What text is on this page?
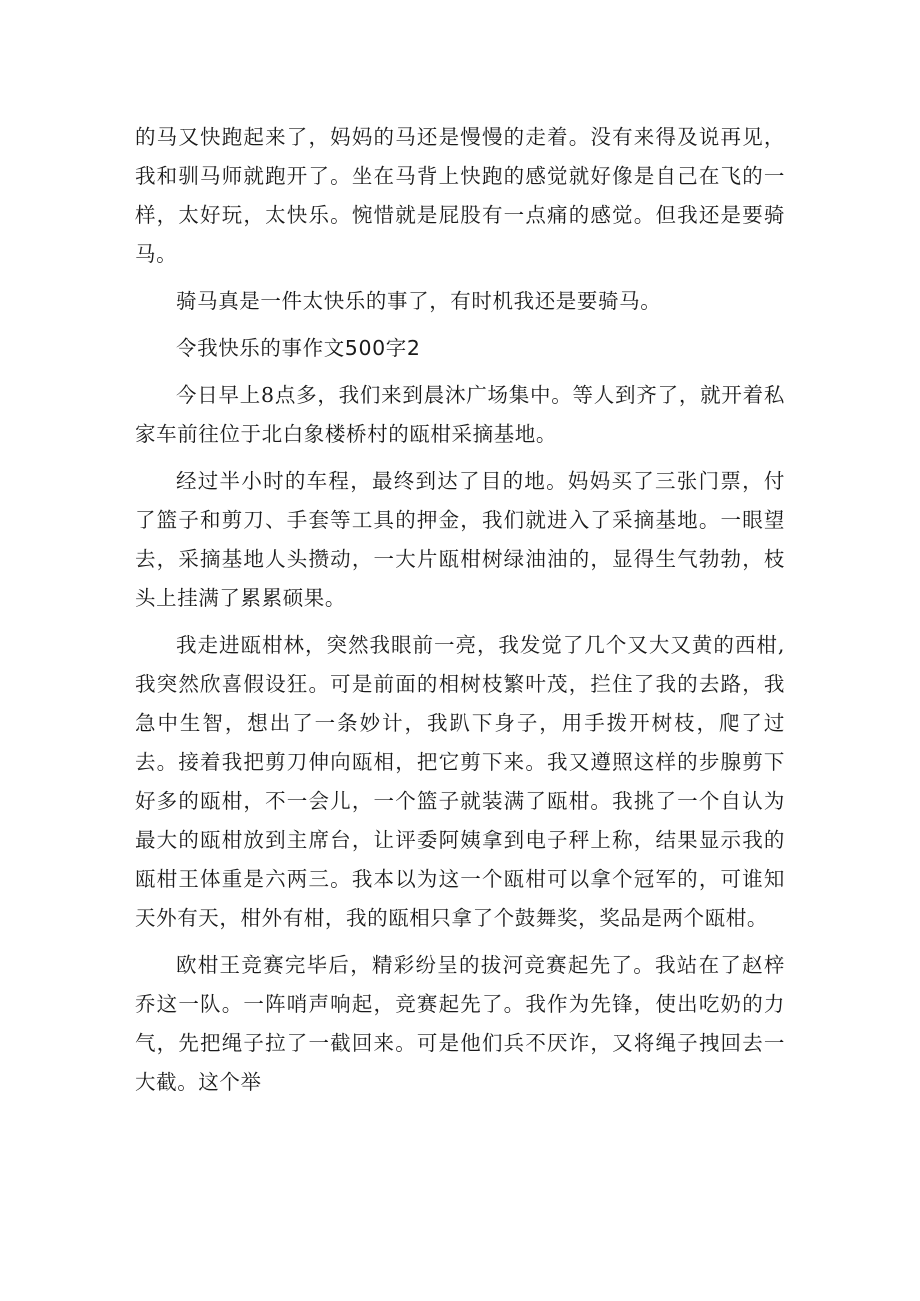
的马又快跑起来了，妈妈的马还是慢慢的走着。没有来得及说再见，我和驯马师就跑开了。坐在马背上快跑的感觉就好像是自己在飞的一样，太好玩，太快乐。惋惜就是屁股有一点痛的感觉。但我还是要骑马。

骑马真是一件太快乐的事了，有时机我还是要骑马。

令我快乐的事作文500字2

今日早上8点多，我们来到晨沐广场集中。等人到齐了，就开着私家车前往位于北白象楼桥村的瓯柑采摘基地。

经过半小时的车程，最终到达了目的地。妈妈买了三张门票，付了篮子和剪刀、手套等工具的押金，我们就进入了采摘基地。一眼望去，采摘基地人头攒动，一大片瓯柑树绿油油的，显得生气勃勃，枝头上挂满了累累硕果。

我走进瓯柑林，突然我眼前一亮，我发觉了几个又大又黄的西柑,我突然欣喜假设狂。可是前面的相树枝繁叶茂，拦住了我的去路，我急中生智，想出了一条妙计，我趴下身子，用手拨开树枝，爬了过去。接着我把剪刀伸向瓯相，把它剪下来。我又遵照这样的步腺剪下好多的瓯柑，不一会儿，一个篮子就装满了瓯柑。我挑了一个自认为最大的瓯柑放到主席台，让评委阿姨拿到电子秤上称，结果显示我的瓯柑王体重是六两三。我本以为这一个瓯柑可以拿个冠军的，可谁知天外有天，柑外有柑，我的瓯相只拿了个鼓舞奖，奖品是两个瓯柑。

欧柑王竞赛完毕后，精彩纷呈的拔河竞赛起先了。我站在了赵梓乔这一队。一阵哨声响起，竞赛起先了。我作为先锋，使出吃奶的力气，先把绳子拉了一截回来。可是他们兵不厌诈，又将绳子拽回去一大截。这个举
